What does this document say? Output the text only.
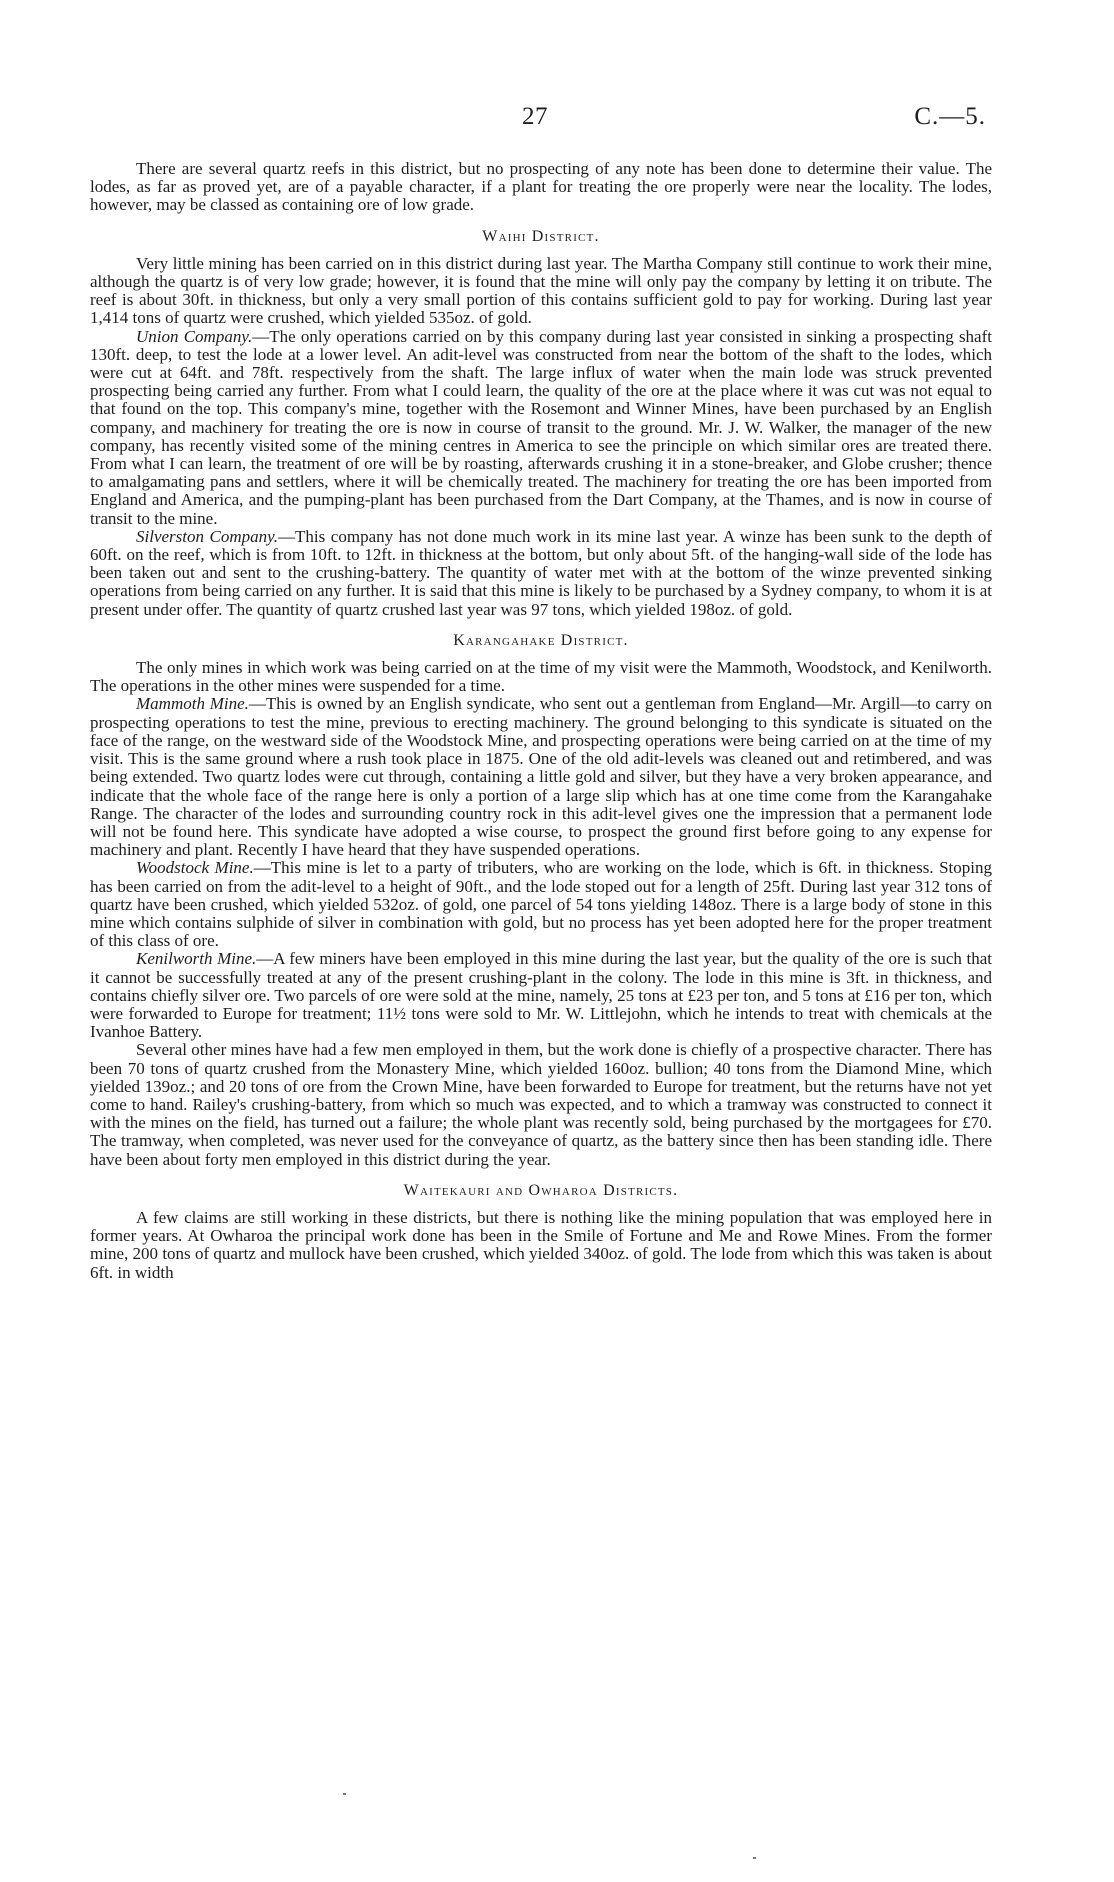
27	C.—5.

There are several quartz reefs in this district, but no prospecting of any note has been done to determine their value. The lodes, as far as proved yet, are of a payable character, if a plant for treating the ore properly were near the locality. The lodes, however, may be classed as containing ore of low grade.

Waihi District.

Very little mining has been carried on in this district during last year. The Martha Company still continue to work their mine, although the quartz is of very low grade; however, it is found that the mine will only pay the company by letting it on tribute. The reef is about 30ft. in thickness, but only a very small portion of this contains sufficient gold to pay for working. During last year 1,414 tons of quartz were crushed, which yielded 535oz. of gold.

Union Company.—The only operations carried on by this company during last year consisted in sinking a prospecting shaft 130ft. deep, to test the lode at a lower level. An adit-level was constructed from near the bottom of the shaft to the lodes, which were cut at 64ft. and 78ft. respectively from the shaft. The large influx of water when the main lode was struck prevented prospecting being carried any further. From what I could learn, the quality of the ore at the place where it was cut was not equal to that found on the top. This company's mine, together with the Rosemont and Winner Mines, have been purchased by an English company, and machinery for treating the ore is now in course of transit to the ground. Mr. J. W. Walker, the manager of the new company, has recently visited some of the mining centres in America to see the principle on which similar ores are treated there. From what I can learn, the treatment of ore will be by roasting, afterwards crushing it in a stone-breaker, and Globe crusher; thence to amalgamating pans and settlers, where it will be chemically treated. The machinery for treating the ore has been imported from England and America, and the pumping-plant has been purchased from the Dart Company, at the Thames, and is now in course of transit to the mine.

Silverston Company.—This company has not done much work in its mine last year. A winze has been sunk to the depth of 60ft. on the reef, which is from 10ft. to 12ft. in thickness at the bottom, but only about 5ft. of the hanging-wall side of the lode has been taken out and sent to the crushing-battery. The quantity of water met with at the bottom of the winze prevented sinking operations from being carried on any further. It is said that this mine is likely to be purchased by a Sydney company, to whom it is at present under offer. The quantity of quartz crushed last year was 97 tons, which yielded 198oz. of gold.

Karangahake District.

The only mines in which work was being carried on at the time of my visit were the Mammoth, Woodstock, and Kenilworth. The operations in the other mines were suspended for a time.

Mammoth Mine.—This is owned by an English syndicate, who sent out a gentleman from England—Mr. Argill—to carry on prospecting operations to test the mine, previous to erecting machinery. The ground belonging to this syndicate is situated on the face of the range, on the westward side of the Woodstock Mine, and prospecting operations were being carried on at the time of my visit. This is the same ground where a rush took place in 1875. One of the old adit-levels was cleaned out and retimbered, and was being extended. Two quartz lodes were cut through, containing a little gold and silver, but they have a very broken appearance, and indicate that the whole face of the range here is only a portion of a large slip which has at one time come from the Karangahake Range. The character of the lodes and surrounding country rock in this adit-level gives one the impression that a permanent lode will not be found here. This syndicate have adopted a wise course, to prospect the ground first before going to any expense for machinery and plant. Recently I have heard that they have suspended operations.

Woodstock Mine.—This mine is let to a party of tributers, who are working on the lode, which is 6ft. in thickness. Stoping has been carried on from the adit-level to a height of 90ft., and the lode stoped out for a length of 25ft. During last year 312 tons of quartz have been crushed, which yielded 532oz. of gold, one parcel of 54 tons yielding 148oz. There is a large body of stone in this mine which contains sulphide of silver in combination with gold, but no process has yet been adopted here for the proper treatment of this class of ore.

Kenilworth Mine.—A few miners have been employed in this mine during the last year, but the quality of the ore is such that it cannot be successfully treated at any of the present crushing-plant in the colony. The lode in this mine is 3ft. in thickness, and contains chiefly silver ore. Two parcels of ore were sold at the mine, namely, 25 tons at £23 per ton, and 5 tons at £16 per ton, which were forwarded to Europe for treatment; 11½ tons were sold to Mr. W. Littlejohn, which he intends to treat with chemicals at the Ivanhoe Battery.

Several other mines have had a few men employed in them, but the work done is chiefly of a prospective character. There has been 70 tons of quartz crushed from the Monastery Mine, which yielded 160oz. bullion; 40 tons from the Diamond Mine, which yielded 139oz.; and 20 tons of ore from the Crown Mine, have been forwarded to Europe for treatment, but the returns have not yet come to hand. Railey's crushing-battery, from which so much was expected, and to which a tramway was constructed to connect it with the mines on the field, has turned out a failure; the whole plant was recently sold, being purchased by the mortgagees for £70. The tramway, when completed, was never used for the conveyance of quartz, as the battery since then has been standing idle. There have been about forty men employed in this district during the year.

Waitekauri and Owharoa Districts.

A few claims are still working in these districts, but there is nothing like the mining population that was employed here in former years. At Owharoa the principal work done has been in the Smile of Fortune and Me and Rowe Mines. From the former mine, 200 tons of quartz and mullock have been crushed, which yielded 340oz. of gold. The lode from which this was taken is about 6ft. in width
